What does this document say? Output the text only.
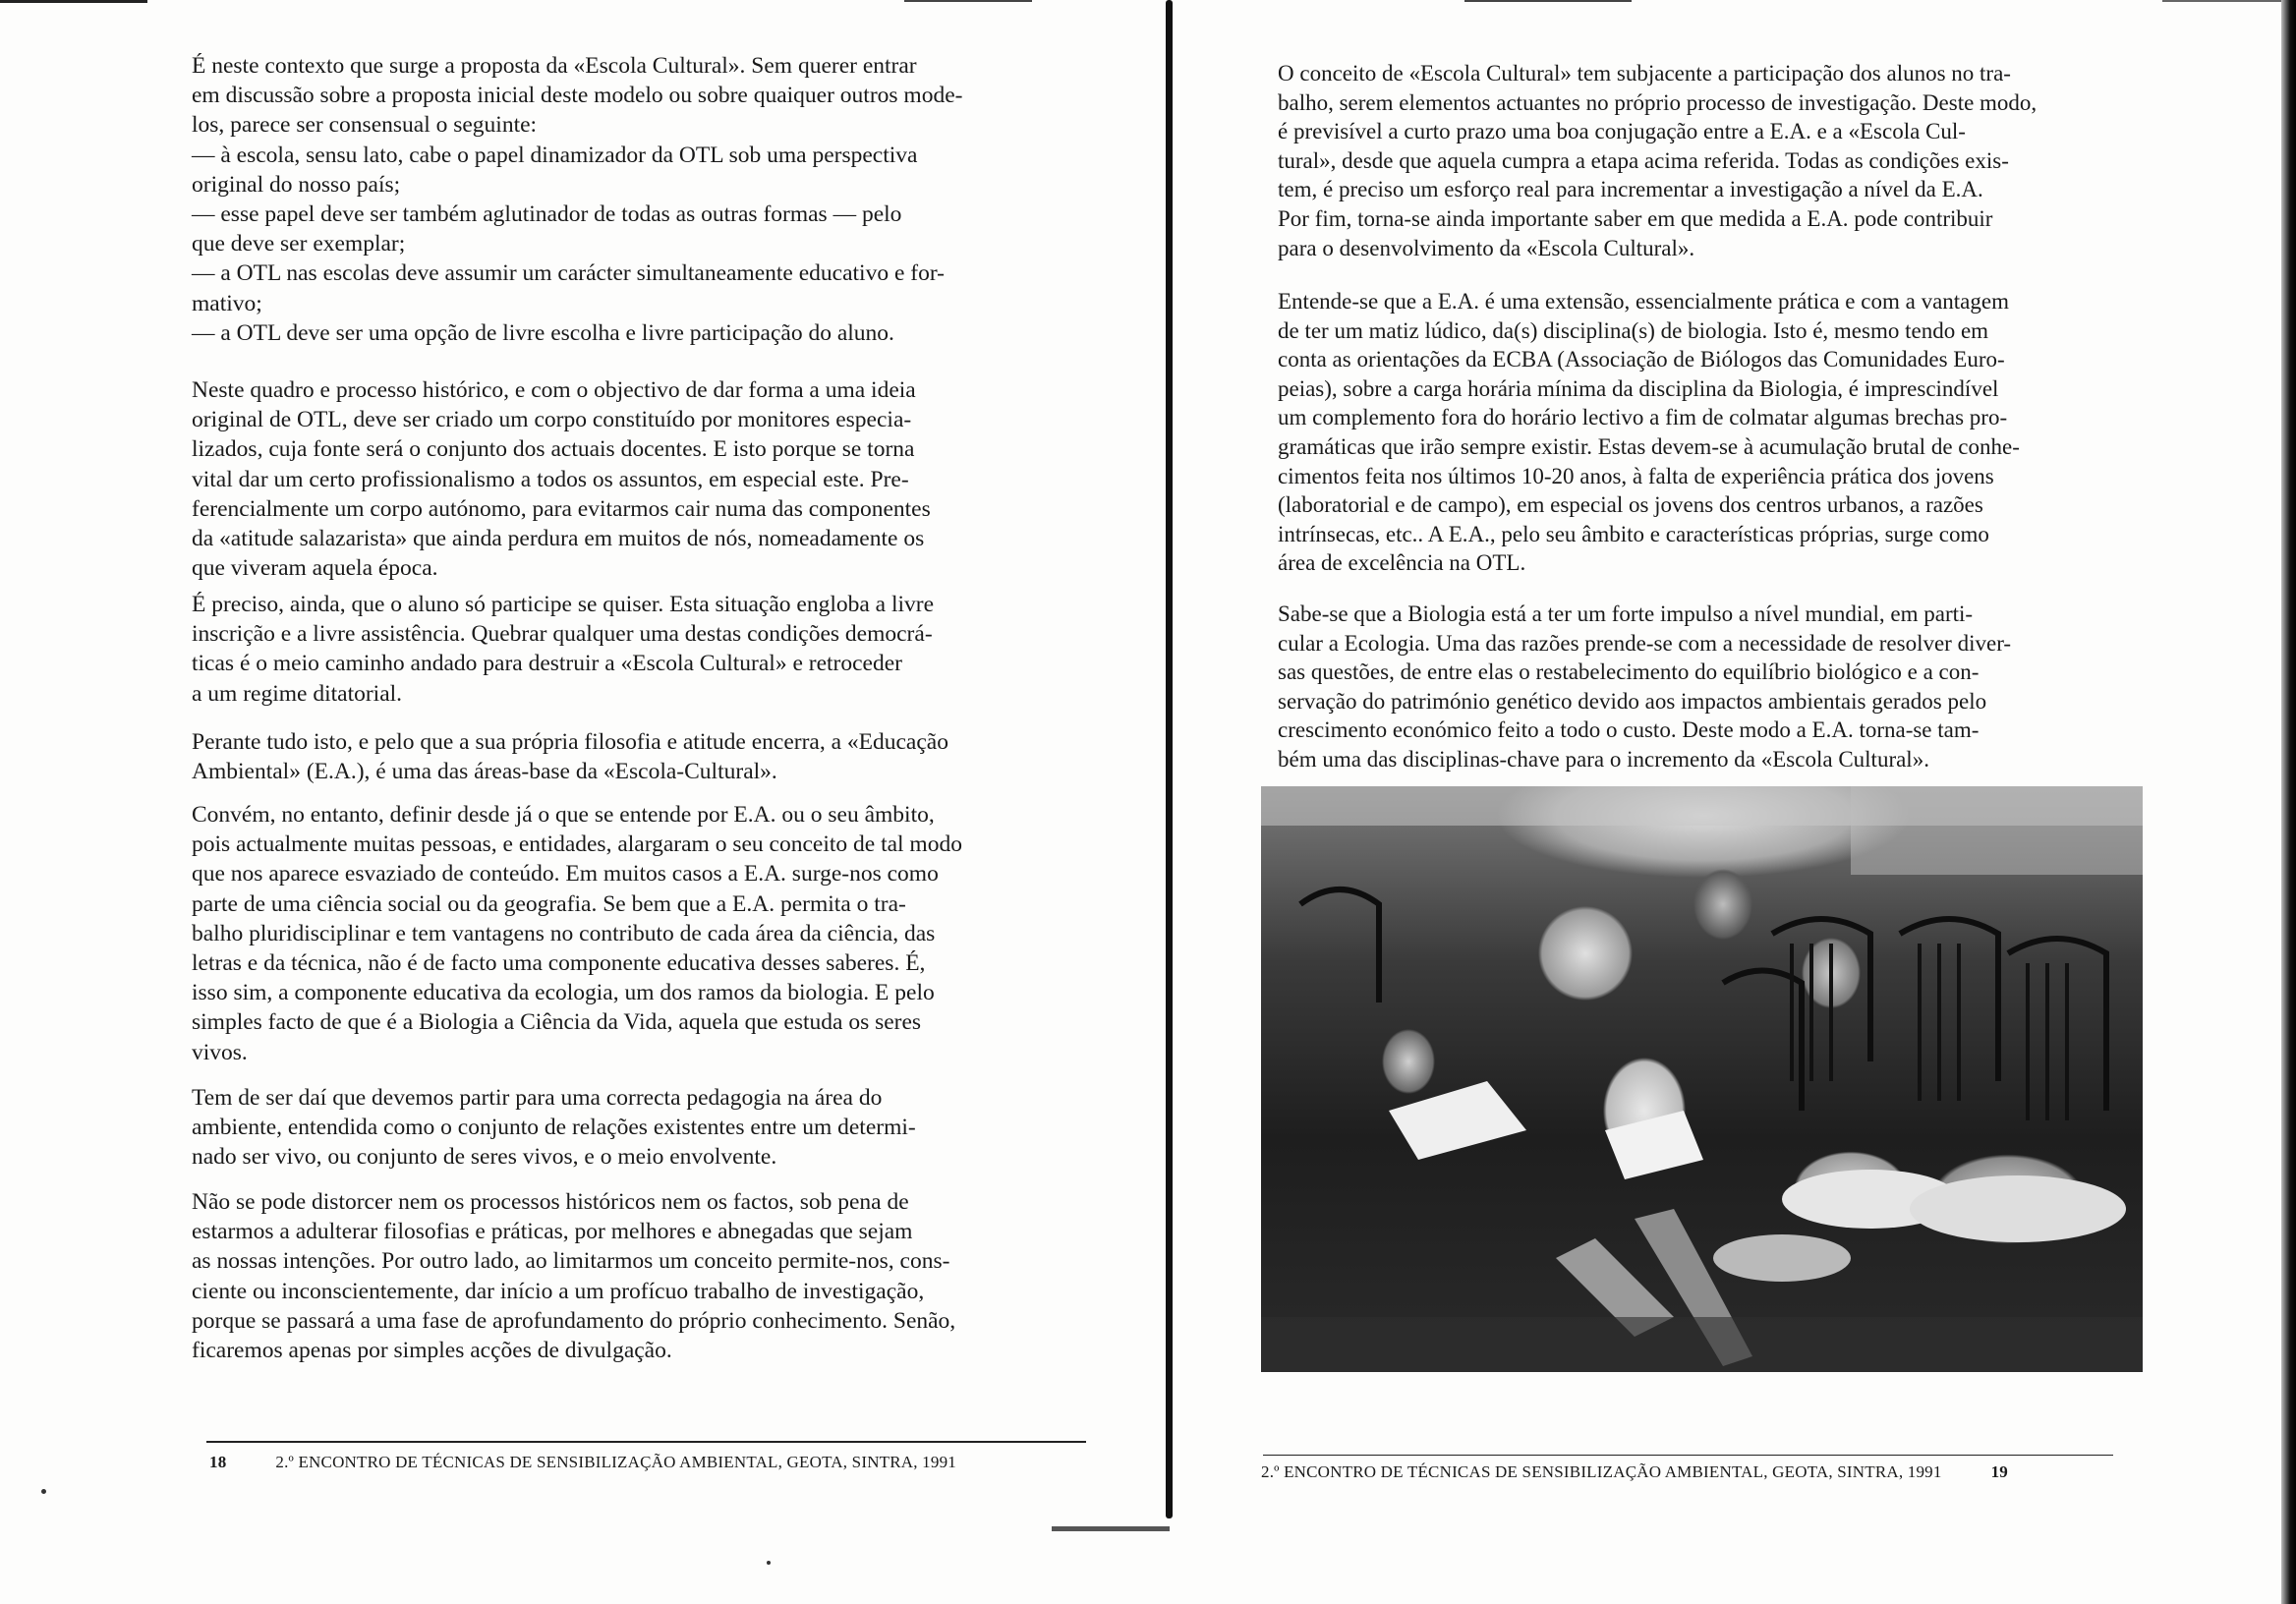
É neste contexto que surge a proposta da «Escola Cultural». Sem querer entrar
em discussão sobre a proposta inicial deste modelo ou sobre quaiquer outros mode-
los, parece ser consensual o seguinte:
— à escola, sensu lato, cabe o papel dinamizador da OTL sob uma perspectiva
original do nosso país;
— esse papel deve ser também aglutinador de todas as outras formas — pelo
que deve ser exemplar;
— a OTL nas escolas deve assumir um carácter simultaneamente educativo e for-
mativo;
— a OTL deve ser uma opção de livre escolha e livre participação do aluno.

Neste quadro e processo histórico, e com o objectivo de dar forma a uma ideia
original de OTL, deve ser criado um corpo constituído por monitores especia-
lizados, cuja fonte será o conjunto dos actuais docentes. E isto porque se torna
vital dar um certo profissionalismo a todos os assuntos, em especial este. Pre-
ferencialmente um corpo autónomo, para evitarmos cair numa das componentes
da «atitude salazarista» que ainda perdura em muitos de nós, nomeadamente os
que viveram aquela época.

É preciso, ainda, que o aluno só participe se quiser. Esta situação engloba a livre
inscrição e a livre assistência. Quebrar qualquer uma destas condições democrá-
ticas é o meio caminho andado para destruir a «Escola Cultural» e retroceder
a um regime ditatorial.

Perante tudo isto, e pelo que a sua própria filosofia e atitude encerra, a «Educação
Ambiental» (E.A.), é uma das áreas-base da «Escola-Cultural».

Convém, no entanto, definir desde já o que se entende por E.A. ou o seu âmbito,
pois actualmente muitas pessoas, e entidades, alargaram o seu conceito de tal modo
que nos aparece esvaziado de conteúdo. Em muitos casos a E.A. surge-nos como
parte de uma ciência social ou da geografia. Se bem que a E.A. permita o tra-
balho pluridisciplinar e tem vantagens no contributo de cada área da ciência, das
letras e da técnica, não é de facto uma componente educativa desses saberes. É,
isso sim, a componente educativa da ecologia, um dos ramos da biologia. E pelo
simples facto de que é a Biologia a Ciência da Vida, aquela que estuda os seres
vivos.

Tem de ser daí que devemos partir para uma correcta pedagogia na área do
ambiente, entendida como o conjunto de relações existentes entre um determi-
nado ser vivo, ou conjunto de seres vivos, e o meio envolvente.

Não se pode distorcer nem os processos históricos nem os factos, sob pena de
estarmos a adulterar filosofias e práticas, por melhores e abnegadas que sejam
as nossas intenções. Por outro lado, ao limitarmos um conceito permite-nos, cons-
ciente ou inconscientemente, dar início a um profícuo trabalho de investigação,
porque se passará a uma fase de aprofundamento do próprio conhecimento. Senão,
ficaremos apenas por simples acções de divulgação.

18	2.º ENCONTRO DE TÉCNICAS DE SENSIBILIZAÇÃO AMBIENTAL, GEOTA, SINTRA, 1991

O conceito de «Escola Cultural» tem subjacente a participação dos alunos no tra-
balho, serem elementos actuantes no próprio processo de investigação. Deste modo,
é previsível a curto prazo uma boa conjugação entre a E.A. e a «Escola Cul-
tural», desde que aquela cumpra a etapa acima referida. Todas as condições exis-
tem, é preciso um esforço real para incrementar a investigação a nível da E.A.
Por fim, torna-se ainda importante saber em que medida a E.A. pode contribuir
para o desenvolvimento da «Escola Cultural».

Entende-se que a E.A. é uma extensão, essencialmente prática e com a vantagem
de ter um matiz lúdico, da(s) disciplina(s) de biologia. Isto é, mesmo tendo em
conta as orientações da ECBA (Associação de Biólogos das Comunidades Euro-
peias), sobre a carga horária mínima da disciplina da Biologia, é imprescindível
um complemento fora do horário lectivo a fim de colmatar algumas brechas pro-
gramáticas que irão sempre existir. Estas devem-se à acumulação brutal de conhe-
cimentos feita nos últimos 10-20 anos, à falta de experiência prática dos jovens
(laboratorial e de campo), em especial os jovens dos centros urbanos, a razões
intrínsecas, etc.. A E.A., pelo seu âmbito e características próprias, surge como
área de excelência na OTL.

Sabe-se que a Biologia está a ter um forte impulso a nível mundial, em parti-
cular a Ecologia. Uma das razões prende-se com a necessidade de resolver diver-
sas questões, de entre elas o restabelecimento do equilíbrio biológico e a con-
servação do património genético devido aos impactos ambientais gerados pelo
crescimento económico feito a todo o custo. Deste modo a E.A. torna-se tam-
bém uma das disciplinas-chave para o incremento da «Escola Cultural».

2.º ENCONTRO DE TÉCNICAS DE SENSIBILIZAÇÃO AMBIENTAL, GEOTA, SINTRA, 1991	19
